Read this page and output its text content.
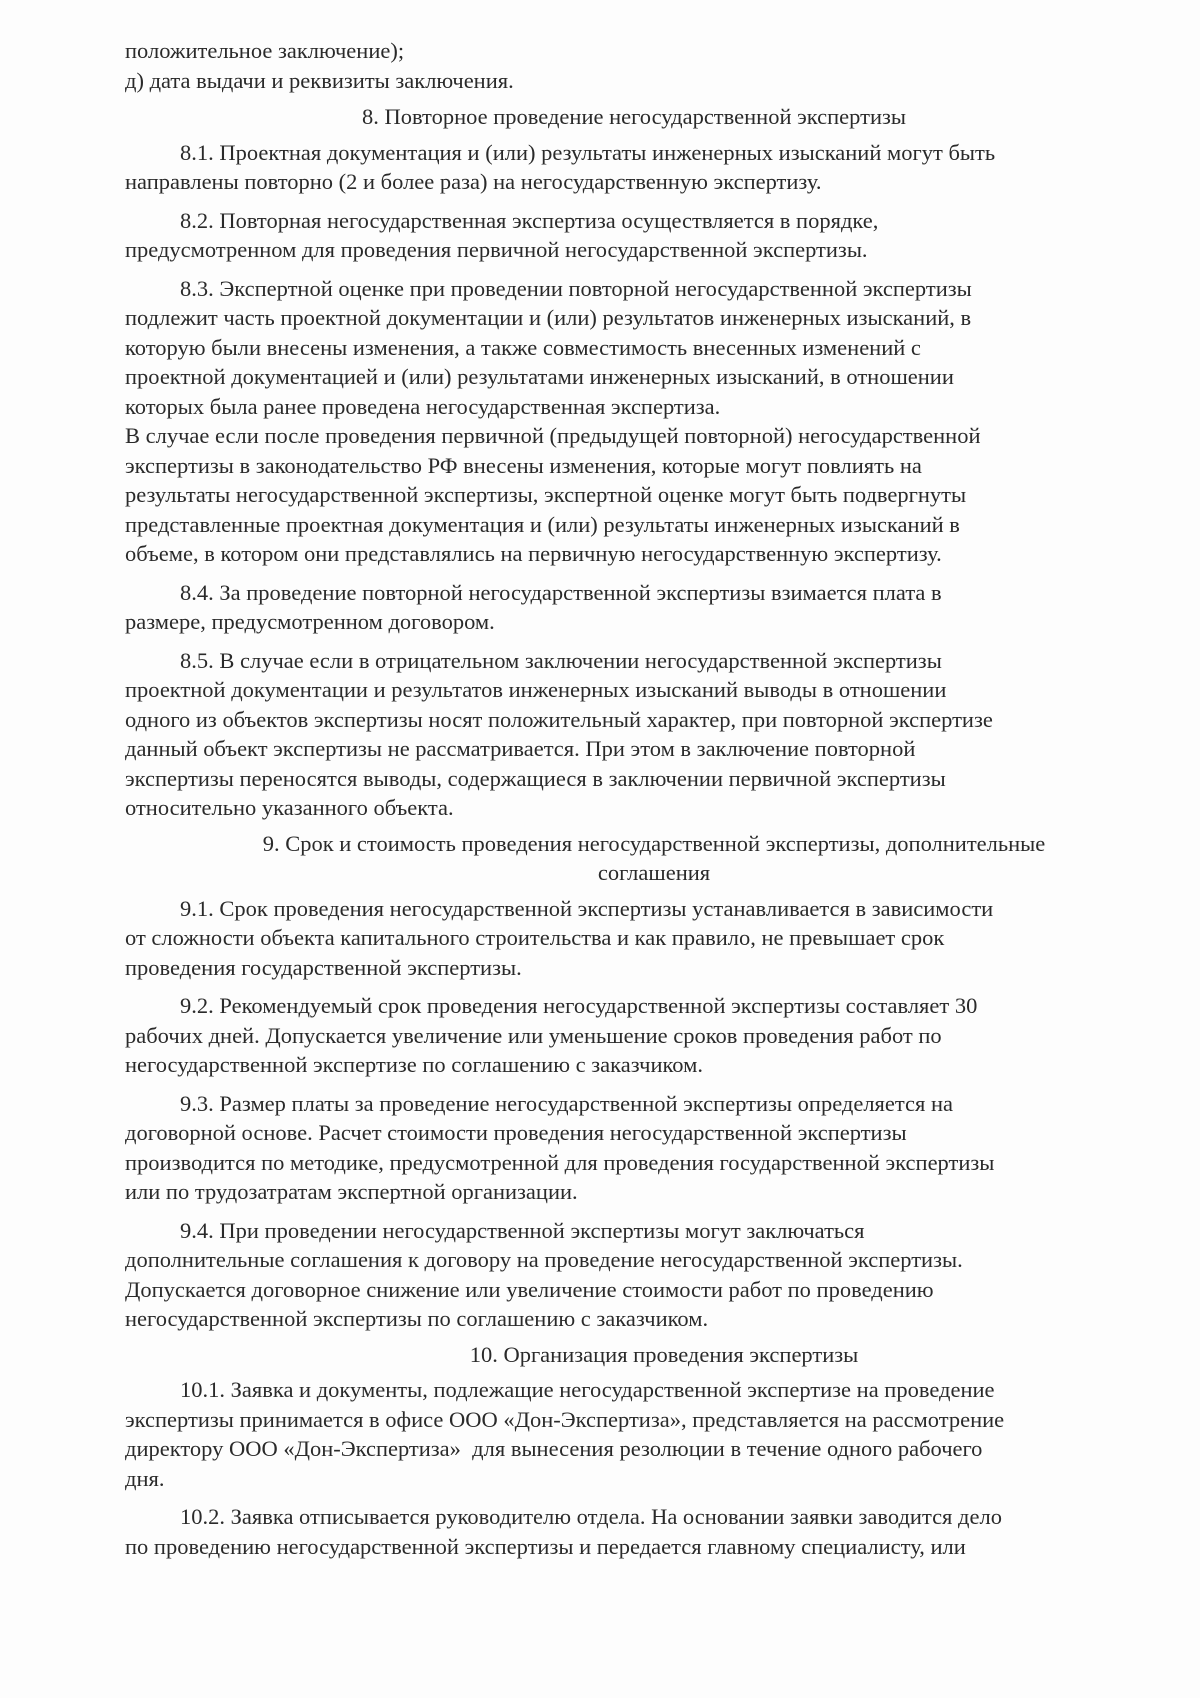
положительное заключение);
д) дата выдачи и реквизиты заключения.
8. Повторное проведение негосударственной экспертизы
8.1. Проектная документация и (или) результаты инженерных изысканий могут быть
направлены повторно (2 и более раза) на негосударственную экспертизу.
8.2. Повторная негосударственная экспертиза осуществляется в порядке,
предусмотренном для проведения первичной негосударственной экспертизы.
8.3. Экспертной оценке при проведении повторной негосударственной экспертизы
подлежит часть проектной документации и (или) результатов инженерных изысканий, в
которую были внесены изменения, а также совместимость внесенных изменений с
проектной документацией и (или) результатами инженерных изысканий, в отношении
которых была ранее проведена негосударственная экспертиза.
В случае если после проведения первичной (предыдущей повторной) негосударственной
экспертизы в законодательство РФ внесены изменения, которые могут повлиять на
результаты негосударственной экспертизы, экспертной оценке могут быть подвергнуты
представленные проектная документация и (или) результаты инженерных изысканий в
объеме, в котором они представлялись на первичную негосударственную экспертизу.
8.4. За проведение повторной негосударственной экспертизы взимается плата в
размере, предусмотренном договором.
8.5. В случае если в отрицательном заключении негосударственной экспертизы
проектной документации и результатов инженерных изысканий выводы в отношении
одного из объектов экспертизы носят положительный характер, при повторной экспертизе
данный объект экспертизы не рассматривается. При этом в заключение повторной
экспертизы переносятся выводы, содержащиеся в заключении первичной экспертизы
относительно указанного объекта.
9. Срок и стоимость проведения негосударственной экспертизы, дополнительные
соглашения
9.1. Срок проведения негосударственной экспертизы устанавливается в зависимости
от сложности объекта капитального строительства и как правило, не превышает срок
проведения государственной экспертизы.
9.2. Рекомендуемый срок проведения негосударственной экспертизы составляет 30
рабочих дней. Допускается увеличение или уменьшение сроков проведения работ по
негосударственной экспертизе по соглашению с заказчиком.
9.3. Размер платы за проведение негосударственной экспертизы определяется на
договорной основе. Расчет стоимости проведения негосударственной экспертизы
производится по методике, предусмотренной для проведения государственной экспертизы
или по трудозатратам экспертной организации.
9.4. При проведении негосударственной экспертизы могут заключаться
дополнительные соглашения к договору на проведение негосударственной экспертизы.
Допускается договорное снижение или увеличение стоимости работ по проведению
негосударственной экспертизы по соглашению с заказчиком.
10. Организация проведения экспертизы
10.1. Заявка и документы, подлежащие негосударственной экспертизе на проведение
экспертизы принимается в офисе ООО «Дон-Экспертиза», представляется на рассмотрение
директору ООО «Дон-Экспертиза»  для вынесения резолюции в течение одного рабочего
дня.
10.2. Заявка отписывается руководителю отдела. На основании заявки заводится дело
по проведению негосударственной экспертизы и передается главному специалисту, или
